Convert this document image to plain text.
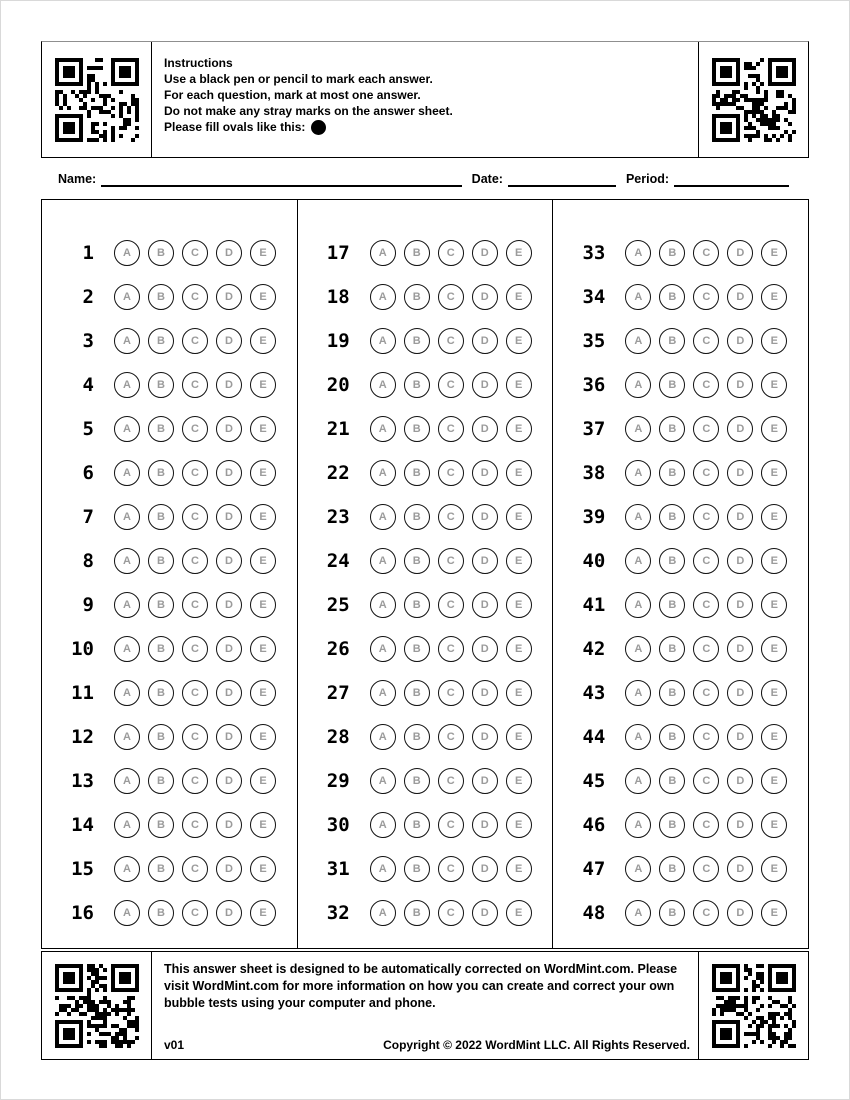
Instructions
Use a black pen or pencil to mark each answer.
For each question, mark at most one answer.
Do not make any stray marks on the answer sheet.
Please fill ovals like this:
Name:	Date:	Period:
1	A	B	C	D	E
2	A	B	C	D	E
3	A	B	C	D	E
4	A	B	C	D	E
5	A	B	C	D	E
6	A	B	C	D	E
7	A	B	C	D	E
8	A	B	C	D	E
9	A	B	C	D	E
10	A	B	C	D	E
11	A	B	C	D	E
12	A	B	C	D	E
13	A	B	C	D	E
14	A	B	C	D	E
15	A	B	C	D	E
16	A	B	C	D	E
17	A	B	C	D	E
18	A	B	C	D	E
19	A	B	C	D	E
20	A	B	C	D	E
21	A	B	C	D	E
22	A	B	C	D	E
23	A	B	C	D	E
24	A	B	C	D	E
25	A	B	C	D	E
26	A	B	C	D	E
27	A	B	C	D	E
28	A	B	C	D	E
29	A	B	C	D	E
30	A	B	C	D	E
31	A	B	C	D	E
32	A	B	C	D	E
33	A	B	C	D	E
34	A	B	C	D	E
35	A	B	C	D	E
36	A	B	C	D	E
37	A	B	C	D	E
38	A	B	C	D	E
39	A	B	C	D	E
40	A	B	C	D	E
41	A	B	C	D	E
42	A	B	C	D	E
43	A	B	C	D	E
44	A	B	C	D	E
45	A	B	C	D	E
46	A	B	C	D	E
47	A	B	C	D	E
48	A	B	C	D	E

This answer sheet is designed to be automatically corrected on WordMint.com. Please visit WordMint.com for more information on how you can create and correct your own bubble tests using your computer and phone.

v01	Copyright © 2022 WordMint LLC. All Rights Reserved.
